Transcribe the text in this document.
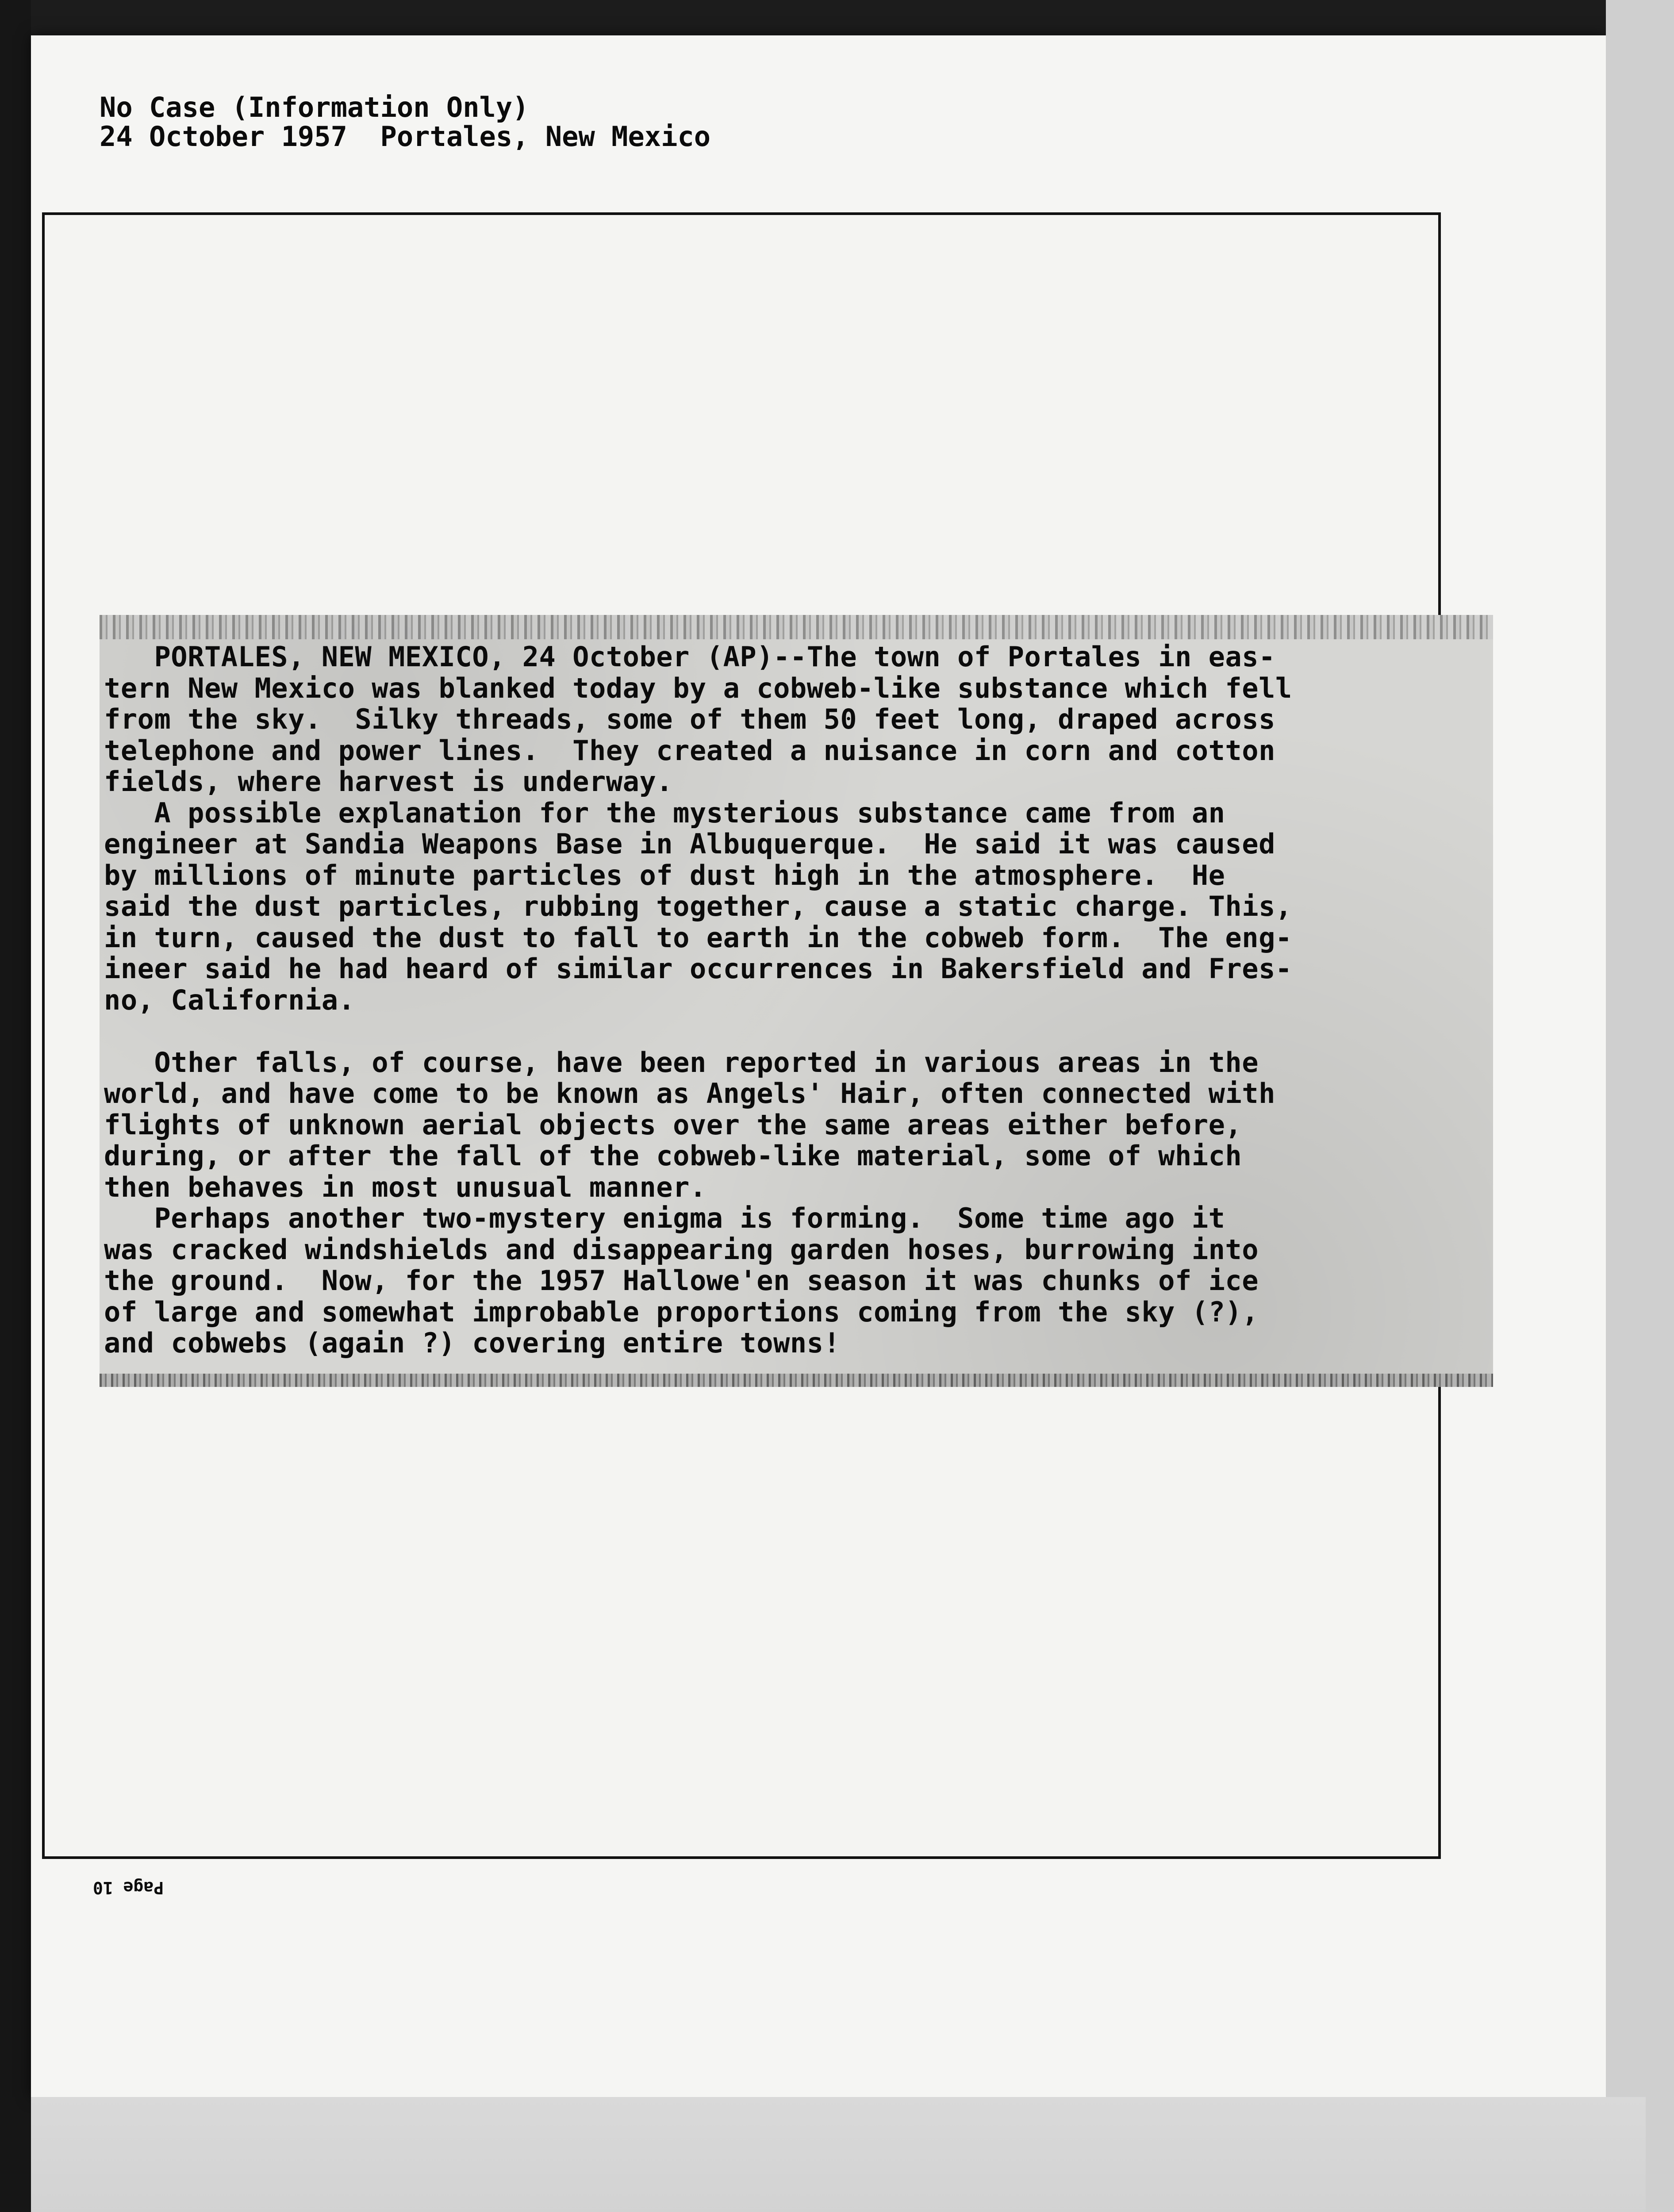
No Case (Information Only)
24 October 1957  Portales, New Mexico
PORTALES, NEW MEXICO, 24 October (AP)--The town of Portales in eas-
tern New Mexico was blanked today by a cobweb-like substance which fell
from the sky.  Silky threads, some of them 50 feet long, draped across
telephone and power lines.  They created a nuisance in corn and cotton
fields, where harvest is underway.
A possible explanation for the mysterious substance came from an
engineer at Sandia Weapons Base in Albuquerque.  He said it was caused
by millions of minute particles of dust high in the atmosphere.  He
said the dust particles, rubbing together, cause a static charge. This,
in turn, caused the dust to fall to earth in the cobweb form.  The eng-
ineer said he had heard of similar occurrences in Bakersfield and Fres-
no, California.

Other falls, of course, have been reported in various areas in the
world, and have come to be known as Angels' Hair, often connected with
flights of unknown aerial objects over the same areas either before,
during, or after the fall of the cobweb-like material, some of which
then behaves in most unusual manner.
Perhaps another two-mystery enigma is forming.  Some time ago it
was cracked windshields and disappearing garden hoses, burrowing into
the ground.  Now, for the 1957 Hallowe'en season it was chunks of ice
of large and somewhat improbable proportions coming from the sky (?),
and cobwebs (again ?) covering entire towns!
Page 10
